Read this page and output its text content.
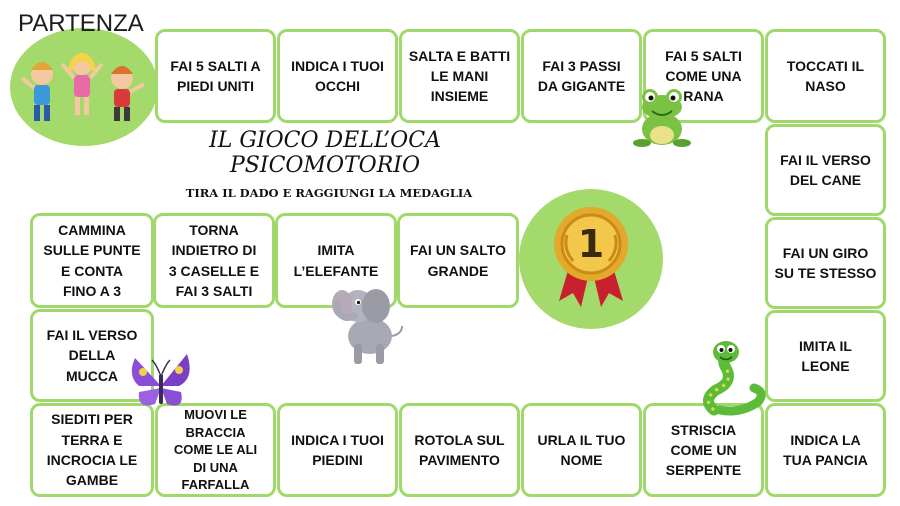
PARTENZA
IL GIOCO DELL’OCA
PSICOMOTORIO
TIRA IL DADO E RAGGIUNGI LA MEDAGLIA
FAI 5 SALTI A
PIEDI UNITI
INDICA I TUOI
OCCHI
SALTA E BATTI
LE MANI
INSIEME
FAI 3 PASSI
DA GIGANTE
FAI 5 SALTI
COME UNA
RANA
TOCCATI IL
NASO
FAI IL VERSO
DEL CANE
FAI UN GIRO
SU TE STESSO
IMITA IL
LEONE
INDICA LA
TUA PANCIA
STRISCIA
COME UN
SERPENTE
URLA IL TUO
NOME
ROTOLA SUL
PAVIMENTO
INDICA I TUOI
PIEDINI
MUOVI LE
BRACCIA
COME LE ALI
DI UNA
FARFALLA
SIEDITI PER
TERRA E
INCROCIA LE
GAMBE
FAI IL VERSO
DELLA
MUCCA
CAMMINA
SULLE PUNTE
E CONTA
FINO A 3
TORNA
INDIETRO DI
3 CASELLE E
FAI 3 SALTI
IMITA
L’ELEFANTE
FAI UN SALTO
GRANDE
1
